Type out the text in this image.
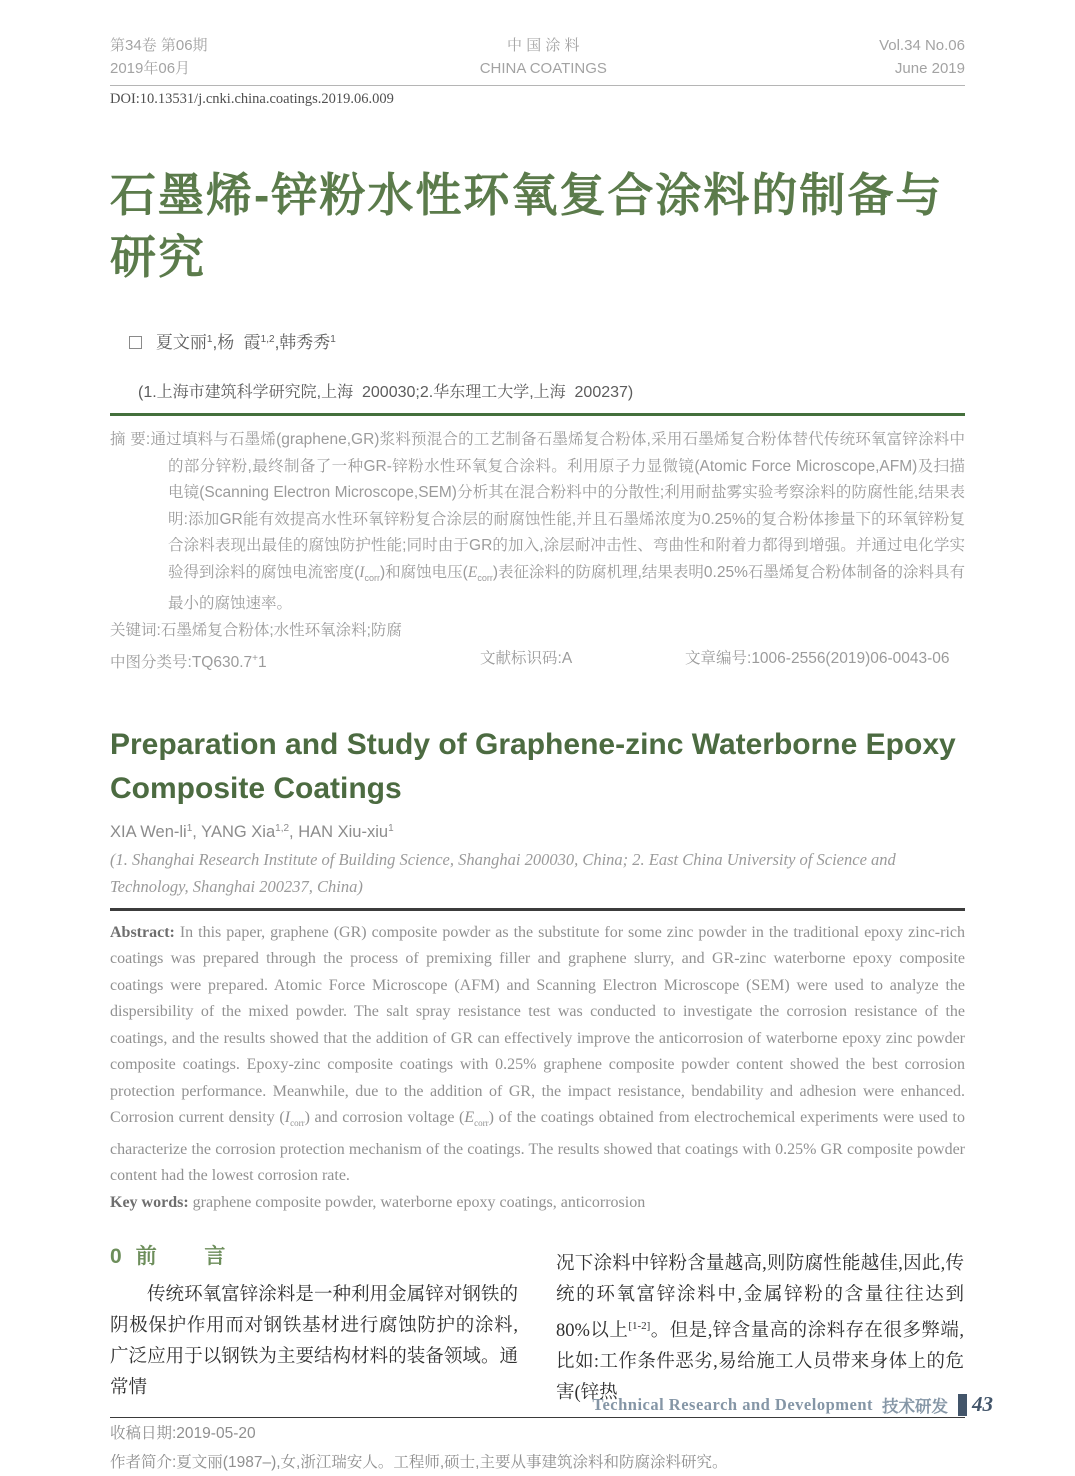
第34卷 第06期
2019年06月
中 国 涂 料
CHINA COATINGS
Vol.34 No.06
June 2019
DOI:10.13531/j.cnki.china.coatings.2019.06.009
石墨烯-锌粉水性环氧复合涂料的制备与研究

夏文丽$^1$,杨  霞$^{1,2}$,韩秀秀$^1$

(1.上海市建筑科学研究院,上海  200030;2.华东理工大学,上海  200237)
摘 要:通过填料与石墨烯(graphene,GR)浆料预混合的工艺制备石墨烯复合粉体,采用石墨烯复合粉体替代传统环氧富锌涂料中的部分锌粉,最终制备了一种GR-锌粉水性环氧复合涂料。利用原子力显微镜(Atomic Force Microscope,AFM)及扫描电镜(Scanning Electron Microscope,SEM)分析其在混合粉料中的分散性;利用耐盐雾实验考察涂料的防腐性能,结果表明:添加GR能有效提高水性环氧锌粉复合涂层的耐腐蚀性能,并且石墨烯浓度为0.25%的复合粉体掺量下的环氧锌粉复合涂料表现出最佳的腐蚀防护性能;同时由于GR的加入,涂层耐冲击性、弯曲性和附着力都得到增强。并通过电化学实验得到涂料的腐蚀电流密度$(I_{corr})$和腐蚀电压$(E_{corr})$表征涂料的防腐机理,结果表明0.25%石墨烯复合粉体制备的涂料具有最小的腐蚀速率。
关键词:石墨烯复合粉体;水性环氧涂料;防腐
中图分类号:TQ630.7+1	文献标识码:A	文章编号:1006-2556(2019)06-0043-06
Preparation and Study of Graphene-zinc Waterborne Epoxy Composite Coatings
XIA Wen-$li^1$, YANG Xia$^{1,2}$, HAN Xiu-xiu$^1$
(1. Shanghai Research Institute of Building Science, Shanghai 200030, China; 2. East China University of Science and Technology, Shanghai 200237, China)
Abstract: In this paper, graphene (GR) composite powder as the substitute for some zinc powder in the traditional epoxy zinc-rich coatings was prepared through the process of premixing filler and graphene slurry, and GR-zinc waterborne epoxy composite coatings were prepared. Atomic Force Microscope (AFM) and Scanning Electron Microscope (SEM) were used to analyze the dispersibility of the mixed powder. The salt spray resistance test was conducted to investigate the corrosion resistance of the coatings, and the results showed that the addition of GR can effectively improve the anticorrosion of waterborne epoxy zinc powder composite coatings. Epoxy-zinc composite coatings with 0.25% graphene composite powder content showed the best corrosion protection performance. Meanwhile, due to the addition of GR, the impact resistance, bendability and adhesion were enhanced. Corrosion current density $(I_{corr})$ and corrosion voltage $(E_{corr})$ of the coatings obtained from electrochemical experiments were used to characterize the corrosion protection mechanism of the coatings. The results showed that coatings with 0.25% GR composite powder content had the lowest corrosion rate.
Key words: graphene composite powder, waterborne epoxy coatings, anticorrosion
0 前  言

传统环氧富锌涂料是一种利用金属锌对钢铁的阴极保护作用而对钢铁基材进行腐蚀防护的涂料,广泛应用于以钢铁为主要结构材料的装备领域。通常情

况下涂料中锌粉含量越高,则防腐性能越佳,因此,传统的环氧富锌涂料中,金属锌粉的含量往往达到80%以上[1-2]。但是,锌含量高的涂料存在很多弊端,比如:工作条件恶劣,易给施工人员带来身体上的危害(锌热

收稿日期:2019-05-20
作者简介:夏文丽(1987–),女,浙江瑞安人。工程师,硕士,主要从事建筑涂料和防腐涂料研究。
Technical Research and Development 技术研发 43
